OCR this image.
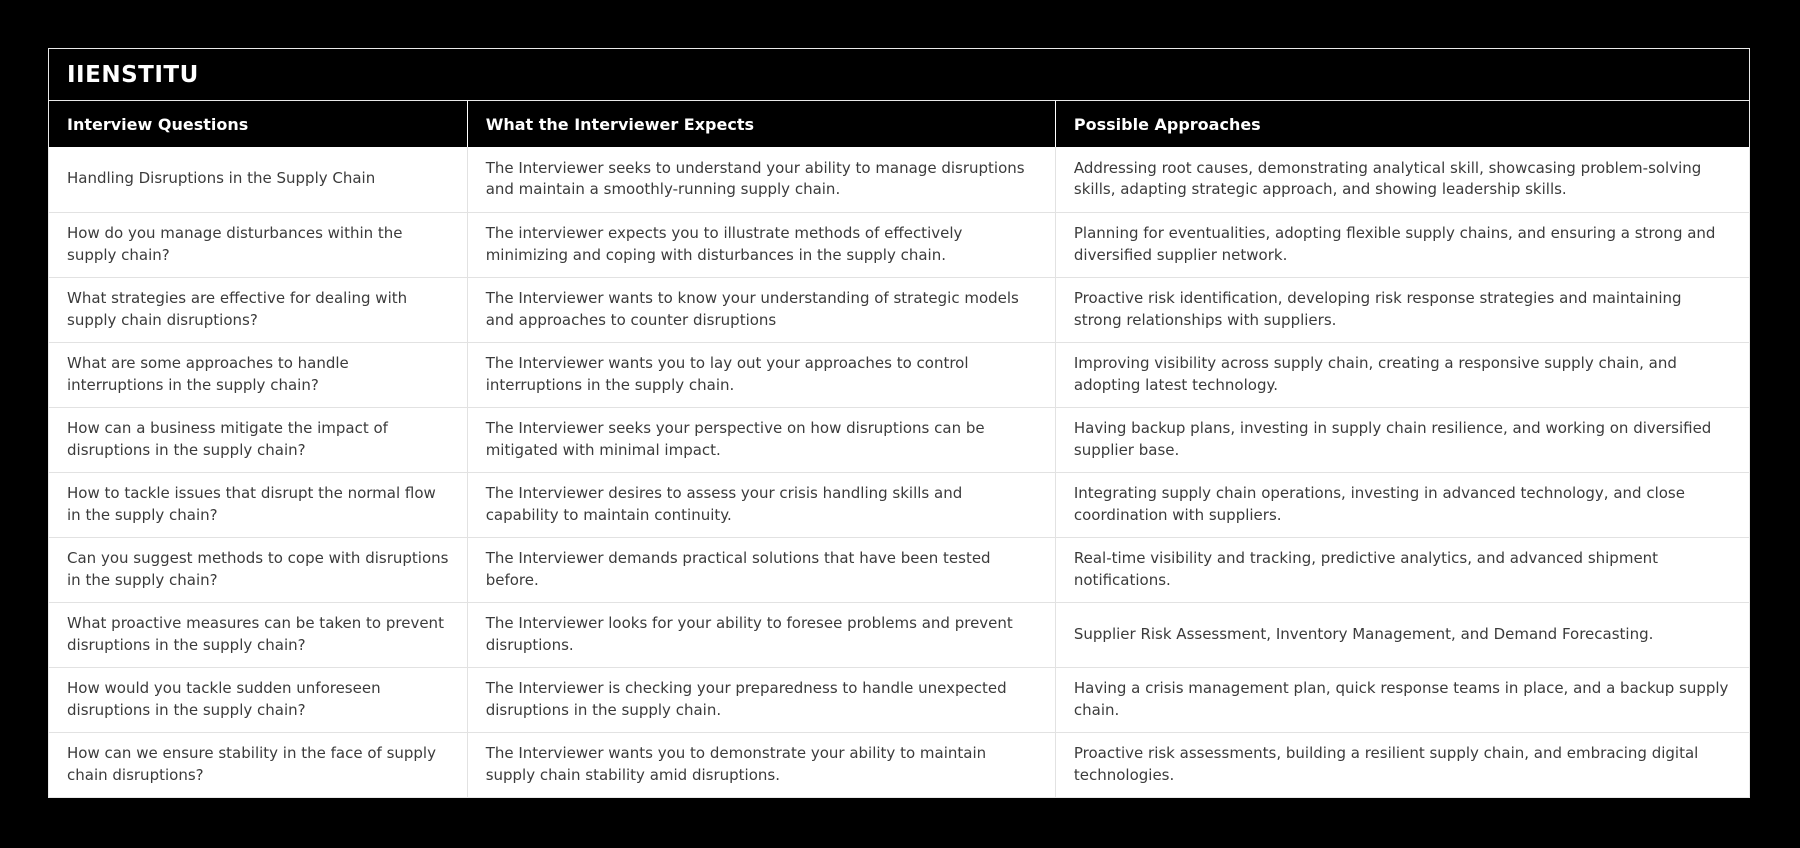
IIENSTITU
Interview Questions	What the Interviewer Expects	Possible Approaches
Handling Disruptions in the Supply Chain	The Interviewer seeks to understand your ability to manage disruptions and maintain a smoothly-running supply chain.	Addressing root causes, demonstrating analytical skill, showcasing problem-solving skills, adapting strategic approach, and showing leadership skills.
How do you manage disturbances within the supply chain?	The interviewer expects you to illustrate methods of effectively minimizing and coping with disturbances in the supply chain.	Planning for eventualities, adopting flexible supply chains, and ensuring a strong and diversified supplier network.
What strategies are effective for dealing with supply chain disruptions?	The Interviewer wants to know your understanding of strategic models and approaches to counter disruptions	Proactive risk identification, developing risk response strategies and maintaining strong relationships with suppliers.
What are some approaches to handle interruptions in the supply chain?	The Interviewer wants you to lay out your approaches to control interruptions in the supply chain.	Improving visibility across supply chain, creating a responsive supply chain, and adopting latest technology.
How can a business mitigate the impact of disruptions in the supply chain?	The Interviewer seeks your perspective on how disruptions can be mitigated with minimal impact.	Having backup plans, investing in supply chain resilience, and working on diversified supplier base.
How to tackle issues that disrupt the normal flow in the supply chain?	The Interviewer desires to assess your crisis handling skills and capability to maintain continuity.	Integrating supply chain operations, investing in advanced technology, and close coordination with suppliers.
Can you suggest methods to cope with disruptions in the supply chain?	The Interviewer demands practical solutions that have been tested before.	Real-time visibility and tracking, predictive analytics, and advanced shipment notifications.
What proactive measures can be taken to prevent disruptions in the supply chain?	The Interviewer looks for your ability to foresee problems and prevent disruptions.	Supplier Risk Assessment, Inventory Management, and Demand Forecasting.
How would you tackle sudden unforeseen disruptions in the supply chain?	The Interviewer is checking your preparedness to handle unexpected disruptions in the supply chain.	Having a crisis management plan, quick response teams in place, and a backup supply chain.
How can we ensure stability in the face of supply chain disruptions?	The Interviewer wants you to demonstrate your ability to maintain supply chain stability amid disruptions.	Proactive risk assessments, building a resilient supply chain, and embracing digital technologies.
